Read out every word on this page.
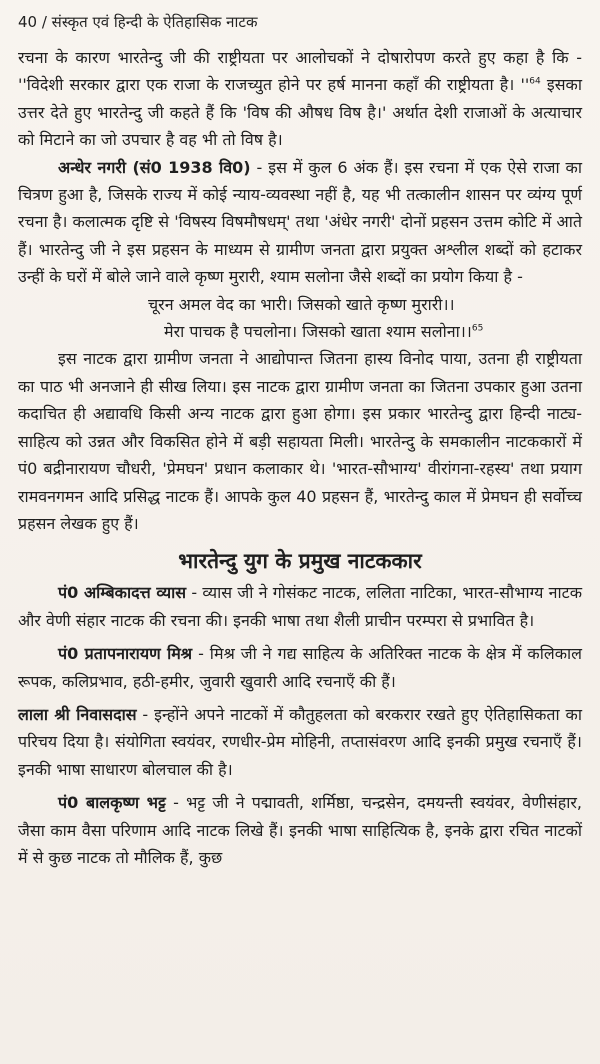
40 / संस्कृत एवं हिन्दी के ऐतिहासिक नाटक

रचना के कारण भारतेन्दु जी की राष्ट्रीयता पर आलोचकों ने दोषारोपण करते हुए कहा है कि - ''विदेशी सरकार द्वारा एक राजा के राजच्युत होने पर हर्ष मानना कहाँ की राष्ट्रीयता है। ''$^{64}$ इसका उत्तर देते हुए भारतेन्दु जी कहते हैं कि 'विष की औषध विष है।' अर्थात देशी राजाओं के अत्याचार को मिटाने का जो उपचार है वह भी तो विष है।

अन्धेर नगरी (सं0 1938 वि0) - इस में कुल 6 अंक हैं। इस रचना में एक ऐसे राजा का चित्रण हुआ है, जिसके राज्य में कोई न्याय-व्यवस्था नहीं है, यह भी तत्कालीन शासन पर व्यंग्य पूर्ण रचना है। कलात्मक दृष्टि से 'विषस्य विषमौषधम्' तथा 'अंधेर नगरी' दोनों प्रहसन उत्तम कोटि में आते हैं। भारतेन्दु जी ने इस प्रहसन के माध्यम से ग्रामीण जनता द्वारा प्रयुक्त अश्लील शब्दों को हटाकर उन्हीं के घरों में बोले जाने वाले कृष्ण मुरारी, श्याम सलोना जैसे शब्दों का प्रयोग किया है -

चूरन अमल वेद का भारी। जिसको खाते कृष्ण मुरारी।।

मेरा पाचक है पचलोना। जिसको खाता श्याम सलोना।।$^{65}$

इस नाटक द्वारा ग्रामीण जनता ने आद्योपान्त जितना हास्य विनोद पाया, उतना ही राष्ट्रीयता का पाठ भी अनजाने ही सीख लिया। इस नाटक द्वारा ग्रामीण जनता का जितना उपकार हुआ उतना कदाचित ही अद्यावधि किसी अन्य नाटक द्वारा हुआ होगा। इस प्रकार भारतेन्दु द्वारा हिन्दी नाट्य-साहित्य को उन्नत और विकसित होने में बड़ी सहायता मिली। भारतेन्दु के समकालीन नाटककारों में पं0 बद्रीनारायण चौधरी, 'प्रेमघन' प्रधान कलाकार थे। 'भारत-सौभाग्य' वीरांगना-रहस्य' तथा प्रयाग रामवनगमन आदि प्रसिद्ध नाटक हैं। आपके कुल 40 प्रहसन हैं, भारतेन्दु काल में प्रेमघन ही सर्वोच्च प्रहसन लेखक हुए हैं।

भारतेन्दु युग के प्रमुख नाटककार

पं0 अम्बिकादत्त व्यास - व्यास जी ने गोसंकट नाटक, ललिता नाटिका, भारत-सौभाग्य नाटक और वेणी संहार नाटक की रचना की। इनकी भाषा तथा शैली प्राचीन परम्परा से प्रभावित है।

पं0 प्रतापनारायण मिश्र - मिश्र जी ने गद्य साहित्य के अतिरिक्त नाटक के क्षेत्र में कलिकाल रूपक, कलिप्रभाव, हठी-हमीर, जुवारी खुवारी आदि रचनाएँ की हैं।

लाला श्री निवासदास - इन्होंने अपने नाटकों में कौतुहलता को बरकरार रखते हुए ऐतिहासिकता का परिचय दिया है। संयोगिता स्वयंवर, रणधीर-प्रेम मोहिनी, तप्तासंवरण आदि इनकी प्रमुख रचनाएँ हैं। इनकी भाषा साधारण बोलचाल की है।

पं0 बालकृष्ण भट्ट - भट्ट जी ने पद्मावती, शर्मिष्ठा, चन्द्रसेन, दमयन्ती स्वयंवर, वेणीसंहार, जैसा काम वैसा परिणाम आदि नाटक लिखे हैं। इनकी भाषा साहित्यिक है, इनके द्वारा रचित नाटकों में से कुछ नाटक तो मौलिक हैं, कुछ
